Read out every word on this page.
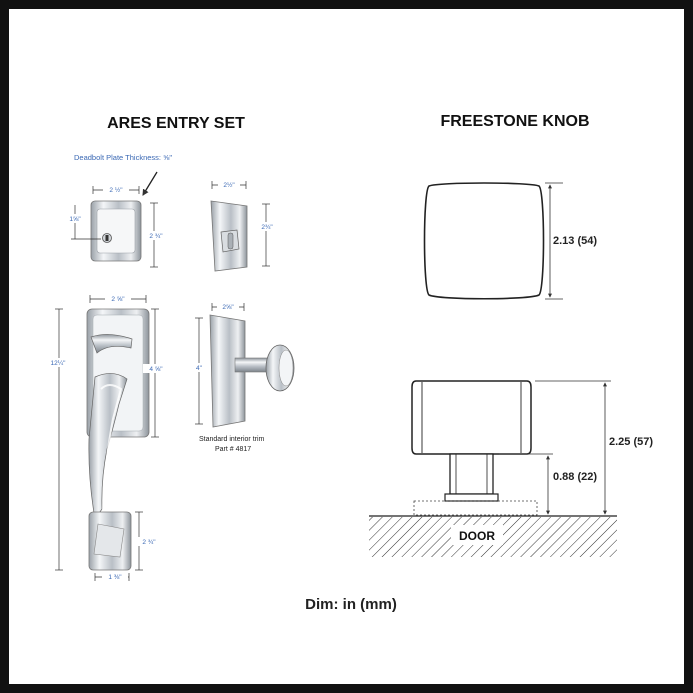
ARES ENTRY SET	FREESTONE KNOB
Deadbolt Plate Thickness: ⅝"
2 ½"
2 ¾"
1⅝"
2½"
2¾"
2 ⅝"
12¼"
4 ⅝"
2 ¾"
1 ⅜"
2⅝"
4"
Standard interior trim
Part # 4817
2.13 (54)
DOOR
2.25 (57)
0.88 (22)
Dim: in (mm)
